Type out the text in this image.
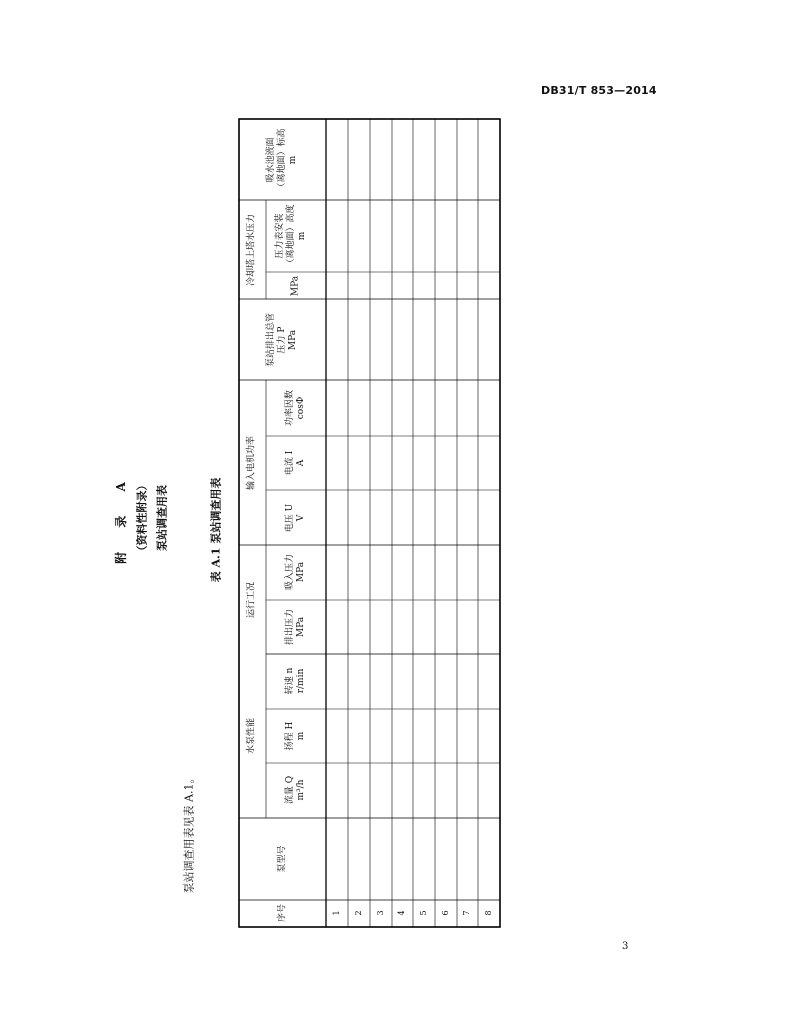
DB31/T 853—2014
附 录 A （资料性附录） 泵站调查用表
泵站调查用表见表 A.1。
表 A.1 泵站调查用表
序号
泵型号
水泵性能
流量 Q m³/h
扬程 H m
转速 n r/min
运行工况
排出压力 MPa
吸入压力 MPa
输入电机功率
电压 U V
电流 I A
功率因数 cosΦ
泵站排出总管 压力 P MPa
冷却塔上塔水压力	MPa
压力表安装 （离地面）高度 m
吸水池液面 （离地面）标高 m
1 2 3 4 5 6 7 8
3
